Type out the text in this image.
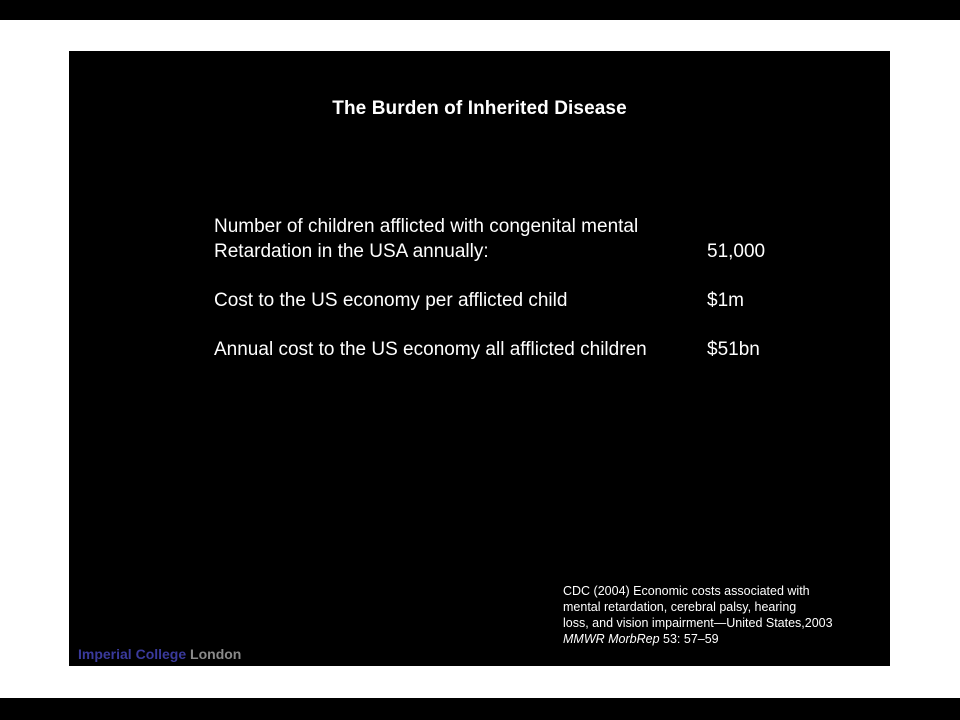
The Burden of Inherited Disease
Number of children afflicted with congenital mental
Retardation in the USA annually:	51,000
Cost to the US economy per afflicted child	$1m
Annual cost to the US economy all afflicted children	$51bn
CDC (2004) Economic costs associated with
mental retardation, cerebral palsy, hearing
loss, and vision impairment—United States,2003
MMWR MorbRep 53: 57–59
Imperial College London
